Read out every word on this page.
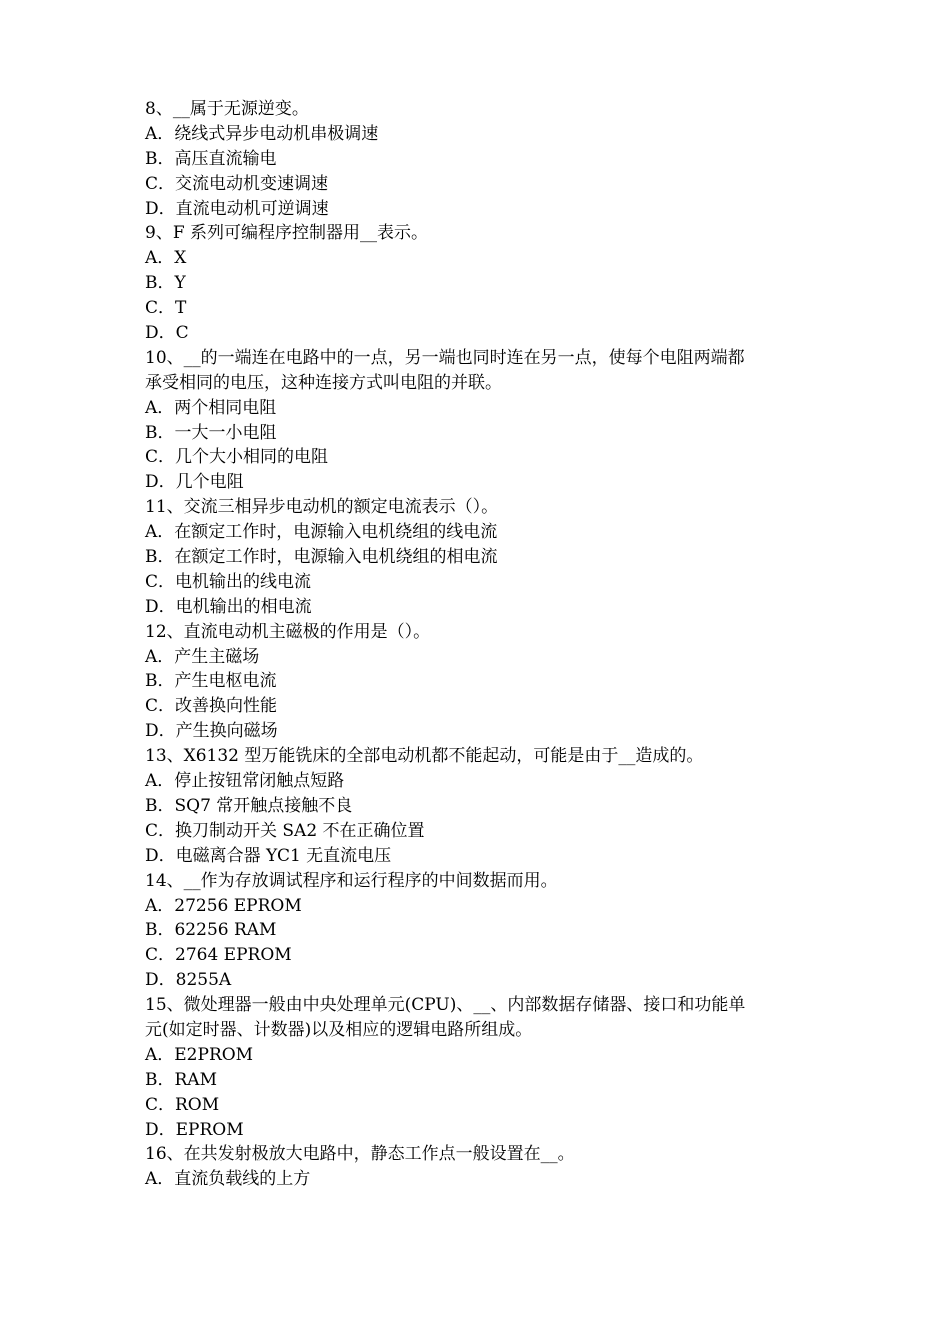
8、__属于无源逆变。
A．绕线式异步电动机串极调速
B．高压直流输电
C．交流电动机变速调速
D．直流电动机可逆调速
9、F 系列可编程序控制器用__表示。
A．X
B．Y
C．T
D．C
10、__的一端连在电路中的一点，另一端也同时连在另一点，使每个电阻两端都
承受相同的电压，这种连接方式叫电阻的并联。
A．两个相同电阻
B．一大一小电阻
C．几个大小相同的电阻
D．几个电阻
11、交流三相异步电动机的额定电流表示（）。
A．在额定工作时，电源输入电机绕组的线电流
B．在额定工作时，电源输入电机绕组的相电流
C．电机输出的线电流
D．电机输出的相电流
12、直流电动机主磁极的作用是（）。
A．产生主磁场
B．产生电枢电流
C．改善换向性能
D．产生换向磁场
13、X6132 型万能铣床的全部电动机都不能起动，可能是由于__造成的。
A．停止按钮常闭触点短路
B．SQ7 常开触点接触不良
C．换刀制动开关 SA2 不在正确位置
D．电磁离合器 YC1 无直流电压
14、__作为存放调试程序和运行程序的中间数据而用。
A．27256 EPROM
B．62256 RAM
C．2764 EPROM
D．8255A
15、微处理器一般由中央处理单元(CPU)、__、内部数据存储器、接口和功能单
元(如定时器、计数器)以及相应的逻辑电路所组成。
A．E2PROM
B．RAM
C．ROM
D．EPROM
16、在共发射极放大电路中，静态工作点一般设置在__。
A．直流负载线的上方
